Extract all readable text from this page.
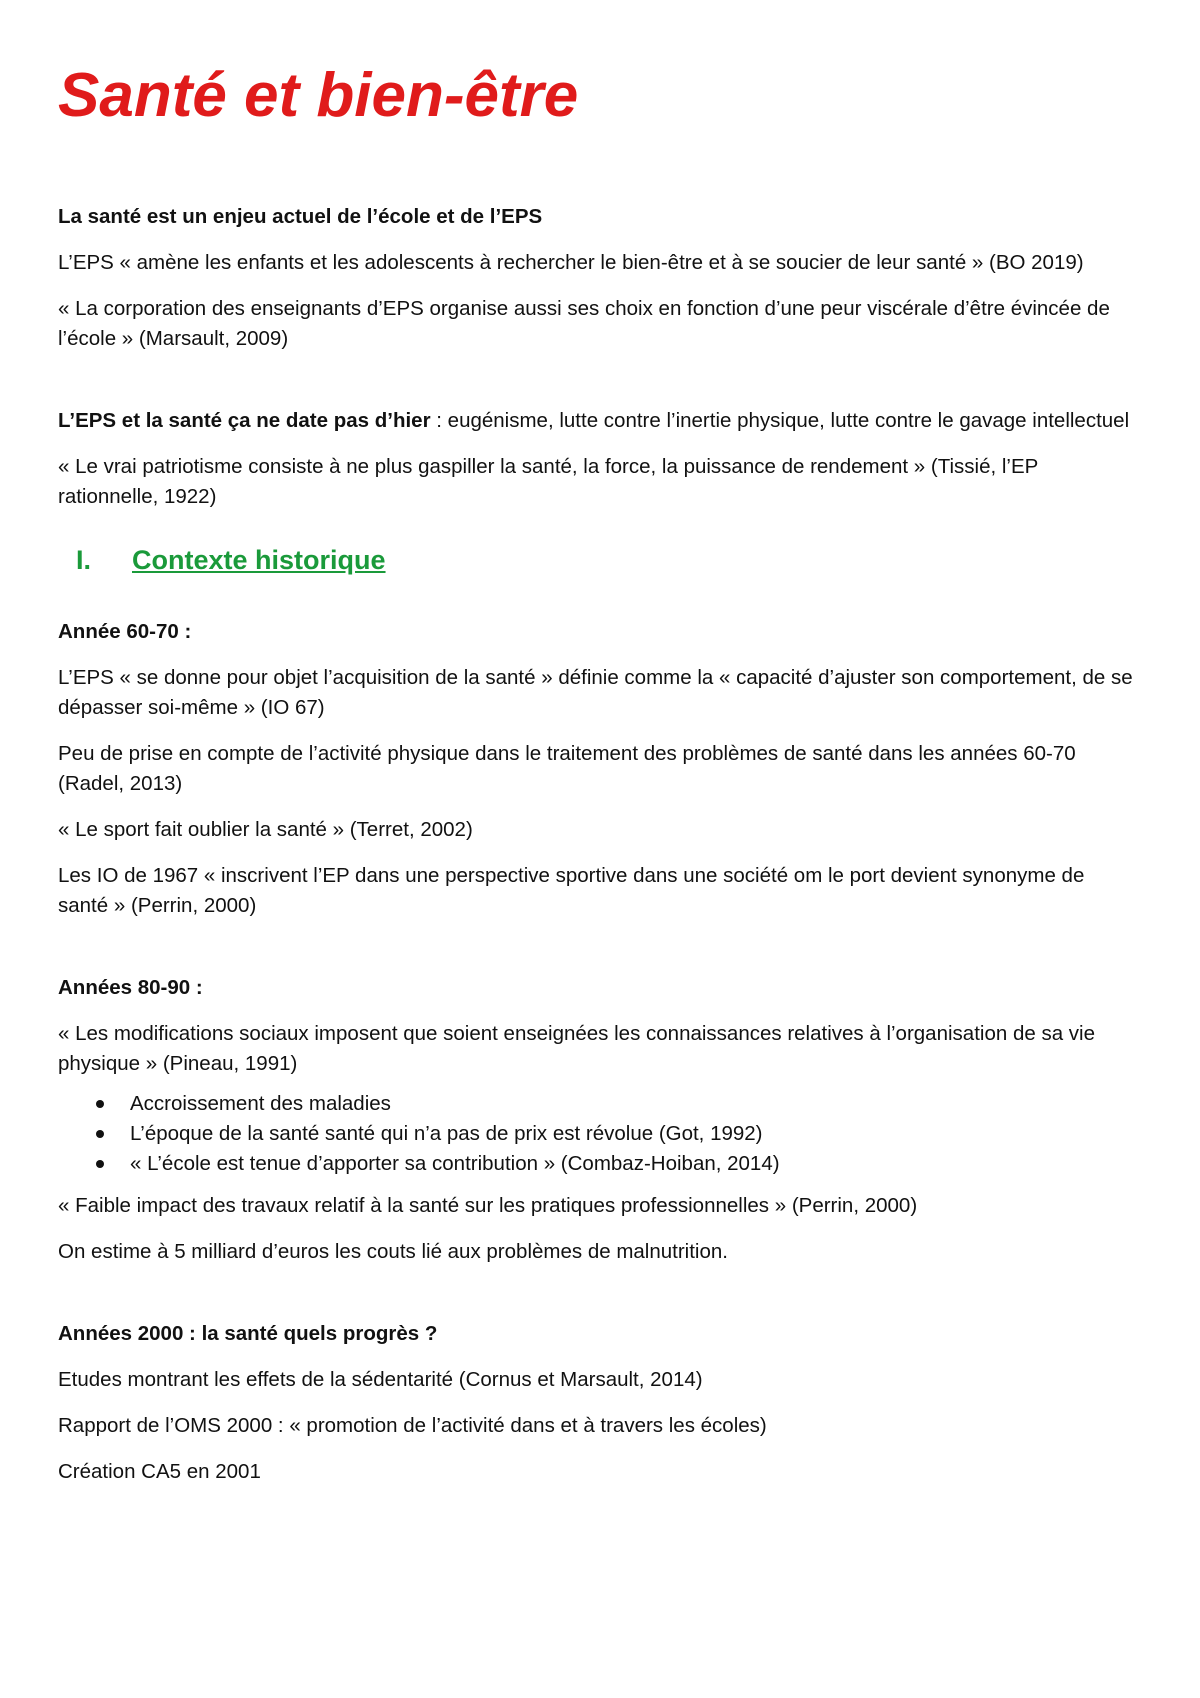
Santé et bien-être

La santé est un enjeu actuel de l’école et de l’EPS

L’EPS « amène les enfants et les adolescents à rechercher le bien-être et à se soucier de leur santé » (BO 2019)

« La corporation des enseignants d’EPS organise aussi ses choix en fonction d’une peur viscérale d’être évincée de l’école » (Marsault, 2009)

L’EPS et la santé ça ne date pas d’hier : eugénisme, lutte contre l’inertie physique, lutte contre le gavage intellectuel

« Le vrai patriotisme consiste à ne plus gaspiller la santé, la force, la puissance de rendement » (Tissié, l’EP rationnelle, 1922)

I.	Contexte historique

Année 60-70 :

L’EPS « se donne pour objet l’acquisition de la santé » définie comme la « capacité d’ajuster son comportement, de se dépasser soi-même » (IO 67)

Peu de prise en compte de l’activité physique dans le traitement des problèmes de santé dans les années 60-70 (Radel, 2013)

« Le sport fait oublier la santé » (Terret, 2002)

Les IO de 1967 « inscrivent l’EP dans une perspective sportive dans une société om le port devient synonyme de santé » (Perrin, 2000)

Années 80-90 :

« Les modifications sociaux imposent que soient enseignées les connaissances relatives à l’organisation de sa vie physique » (Pineau, 1991)

Accroissement des maladies
L’époque de la santé santé qui n’a pas de prix est révolue (Got, 1992)
« L’école est tenue d’apporter sa contribution » (Combaz-Hoiban, 2014)

« Faible impact des travaux relatif à la santé sur les pratiques professionnelles » (Perrin, 2000)

On estime à 5 milliard d’euros les couts lié aux problèmes de malnutrition.

Années 2000 : la santé quels progrès ?

Etudes montrant les effets de la sédentarité (Cornus et Marsault, 2014)

Rapport de l’OMS 2000 : « promotion de l’activité dans et à travers les écoles)

Création CA5 en 2001
